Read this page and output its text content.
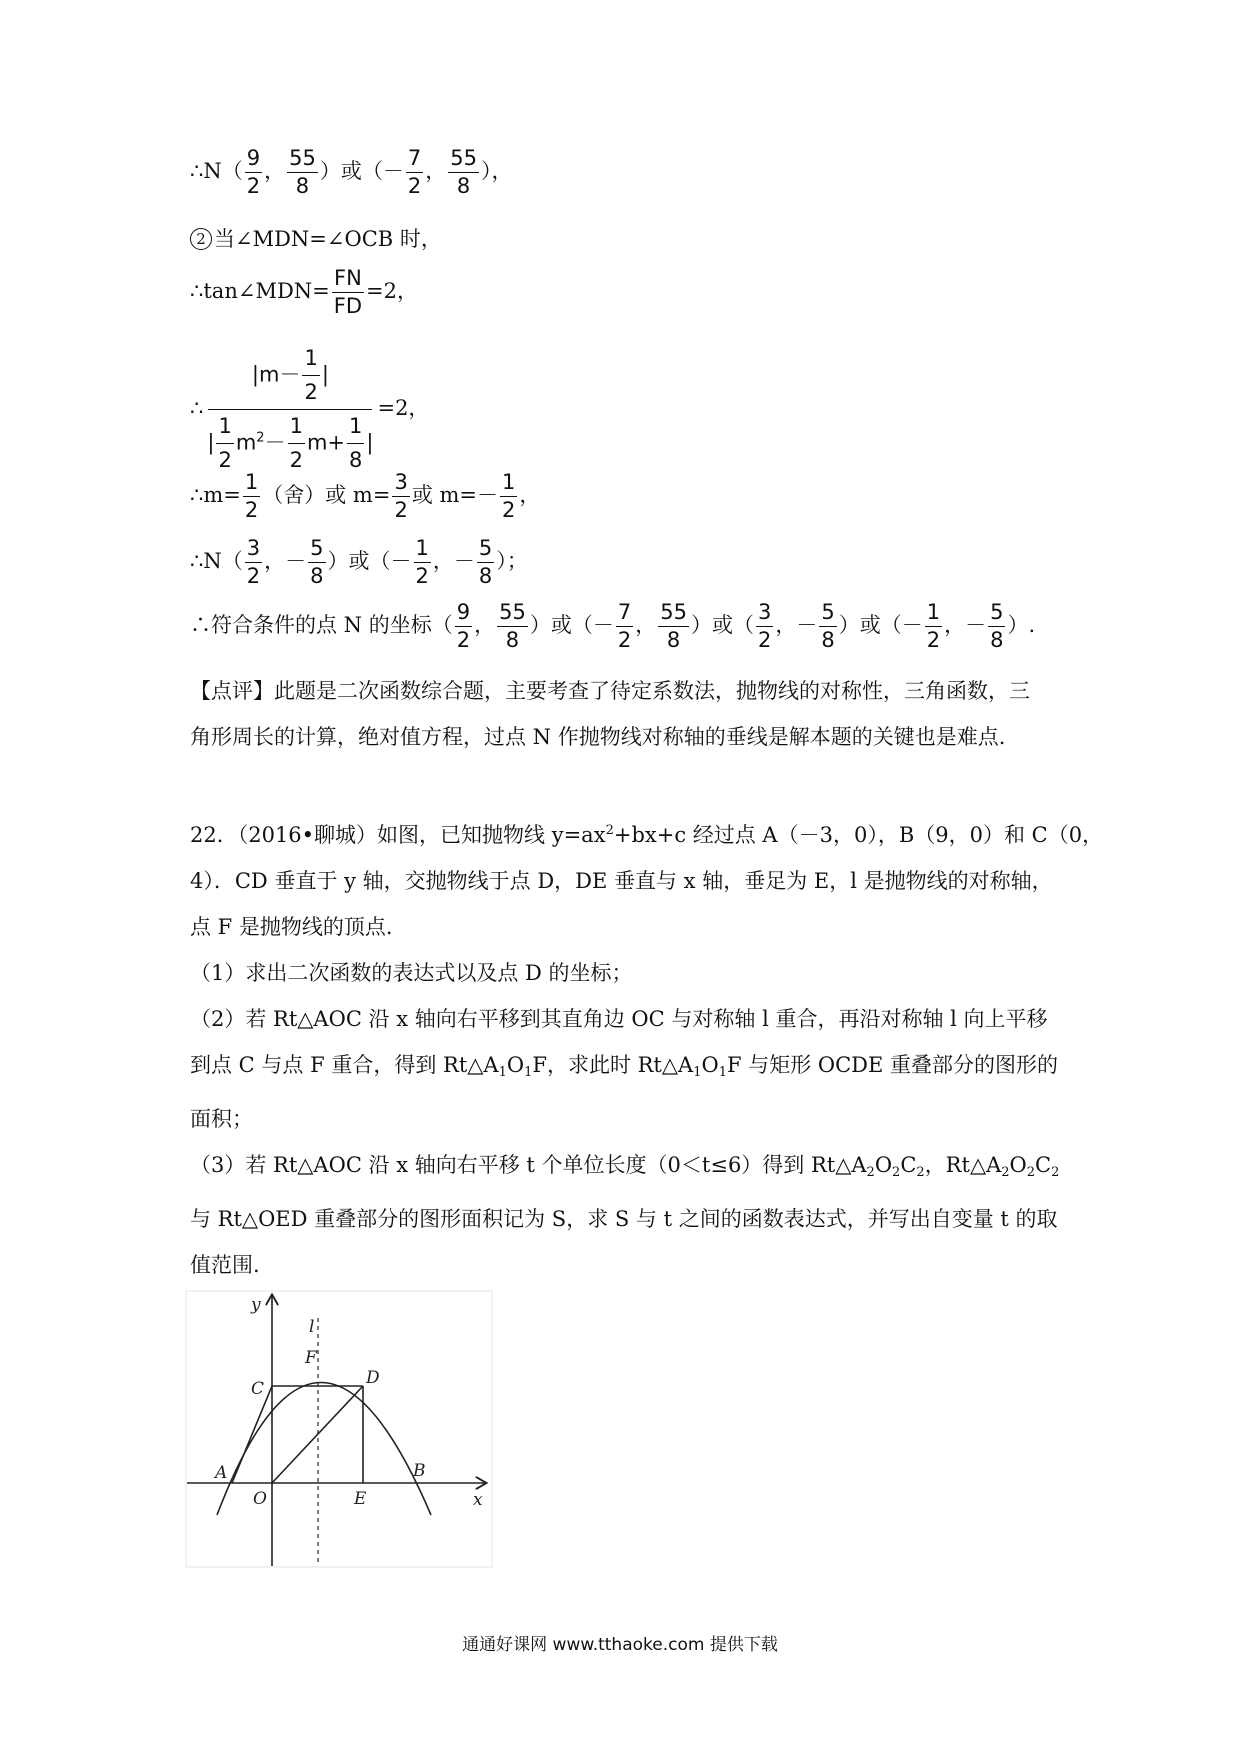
∴N（ $\frac{9}{2}$ ， $\frac{55}{8}$ ）或（－ $\frac{7}{2}$ ， $\frac{55}{8}$ ），
2 当∠MDN=∠OCB 时，
∴tan∠MDN= $\frac{FN}{FD} =2$，
∴ $\frac{|m- \frac{1}{2} |}{| \frac{1}{2} m^2- \frac{1}{2} m+ \frac{1}{8} |} =2$，
∴m= $\frac{1}{2}$ （舍）或 $m= \frac{3}{2}$ 或 $m=- \frac{1}{2}$ ，
∴N（ $\frac{3}{2}$ ，－ $\frac{5}{8}$ ）或（－ $\frac{1}{2}$ ，－ $\frac{5}{8}$ ）；
∴符合条件的点 N 的坐标（ $\frac{9}{2}$ ， $\frac{55}{8}$ ）或（－ $\frac{7}{2}$ ， $\frac{55}{8}$ ）或（ $\frac{3}{2}$ ，－ $\frac{5}{8}$ ）或（－ $\frac{1}{2}$ ，－ $\frac{5}{8}$ ）.
【点评】此题是二次函数综合题，主要考查了待定系数法，抛物线的对称性，三角函数，三
角形周长的计算，绝对值方程，过点 N 作抛物线对称轴的垂线是解本题的关键也是难点.
22．（2016•聊城）如图，已知抛物线 $y=ax^2+bx+c$ 经过点 A（－3，0），B（9，0）和 C（0，
4）．CD 垂直于 y 轴，交抛物线于点 D，DE 垂直与 x 轴，垂足为 E，l 是抛物线的对称轴，
点 F 是抛物线的顶点.
（1）求出二次函数的表达式以及点 D 的坐标；
（2）若 Rt△AOC 沿 x 轴向右平移到其直角边 OC 与对称轴 l 重合，再沿对称轴 l 向上平移
到点 C 与点 F 重合，得到 $Rt\triangle A_1O_1F$，求此时 $Rt\triangle A_1O_1F$ 与矩形 OCDE 重叠部分的图形的
面积；
（3）若 Rt△AOC 沿 x 轴向右平移 t 个单位长度（0＜t≤6）得到 $Rt\triangle A_2O_2C_2$，$Rt\triangle A_2O_2C_2$
与 Rt△OED 重叠部分的图形面积记为 S，求 S 与 t 之间的函数表达式，并写出自变量 t 的取
值范围.
y
x
l
F
C
D
A
O	E
B
通通好课网 www.tthaoke.com 提供下载
